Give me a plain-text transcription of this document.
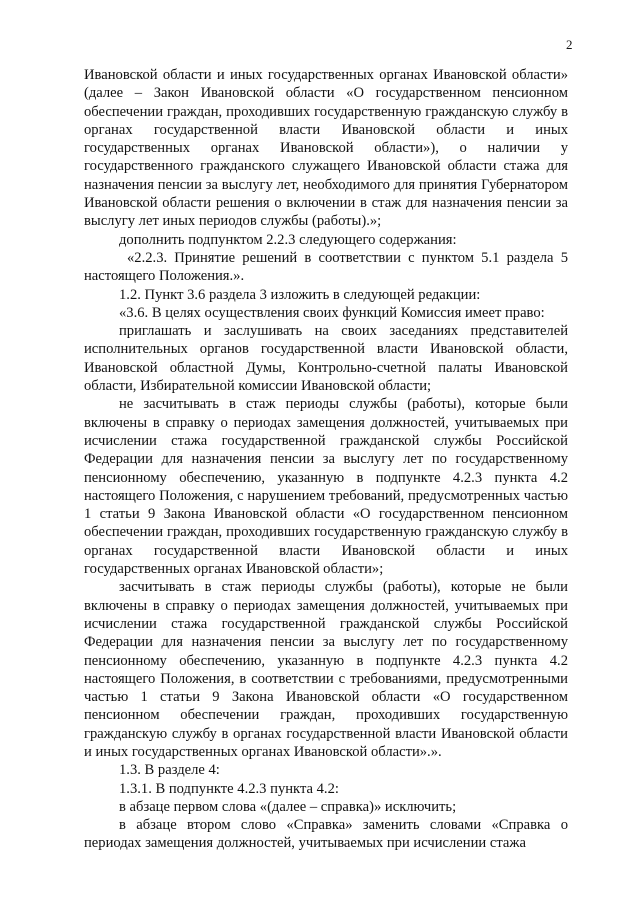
2

Ивановской области и иных государственных органах Ивановской области» (далее – Закон Ивановской области «О государственном пенсионном обеспечении граждан, проходивших государственную гражданскую службу в органах государственной власти Ивановской области и иных государственных органах Ивановской области»), о наличии у государственного гражданского служащего Ивановской области стажа для назначения пенсии за выслугу лет, необходимого для принятия Губернатором Ивановской области решения о включении в стаж для назначения пенсии за выслугу лет иных периодов службы (работы).»;

дополнить подпунктом 2.2.3 следующего содержания:

«2.2.3. Принятие решений в соответствии с пунктом 5.1 раздела 5 настоящего Положения.».

1.2. Пункт 3.6 раздела 3 изложить в следующей редакции:

«3.6. В целях осуществления своих функций Комиссия имеет право:

приглашать и заслушивать на своих заседаниях представителей исполнительных органов государственной власти Ивановской области, Ивановской областной Думы, Контрольно-счетной палаты Ивановской области, Избирательной комиссии Ивановской области;

не засчитывать в стаж периоды службы (работы), которые были включены в справку о периодах замещения должностей, учитываемых при исчислении стажа государственной гражданской службы Российской Федерации для назначения пенсии за выслугу лет по государственному пенсионному обеспечению, указанную в подпункте 4.2.3 пункта 4.2 настоящего Положения, с нарушением требований, предусмотренных частью 1 статьи 9 Закона Ивановской области «О государственном пенсионном обеспечении граждан, проходивших государственную гражданскую службу в органах государственной власти Ивановской области и иных государственных органах Ивановской области»;

засчитывать в стаж периоды службы (работы), которые не были включены в справку о периодах замещения должностей, учитываемых при исчислении стажа государственной гражданской службы Российской Федерации для назначения пенсии за выслугу лет по государственному пенсионному обеспечению, указанную в подпункте 4.2.3 пункта 4.2 настоящего Положения, в соответствии с требованиями, предусмотренными частью 1 статьи 9 Закона Ивановской области «О государственном пенсионном обеспечении граждан, проходивших государственную гражданскую службу в органах государственной власти Ивановской области и иных государственных органах Ивановской области».».

1.3. В разделе 4:

1.3.1. В подпункте 4.2.3 пункта 4.2:

в абзаце первом слова «(далее – справка)» исключить;

в абзаце втором слово «Справка» заменить словами «Справка о периодах замещения должностей, учитываемых при исчислении стажа
